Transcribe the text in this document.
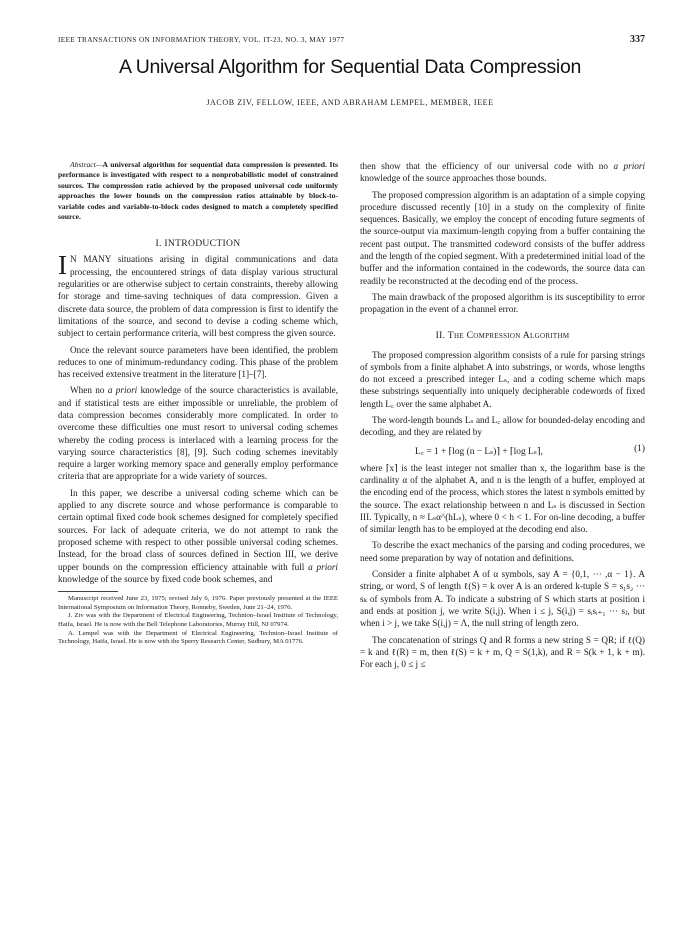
IEEE TRANSACTIONS ON INFORMATION THEORY, VOL. IT-23, NO. 3, MAY 1977	337
A Universal Algorithm for Sequential Data Compression
JACOB ZIV, FELLOW, IEEE, AND ABRAHAM LEMPEL, MEMBER, IEEE

Abstract—A universal algorithm for sequential data compression is presented. Its performance is investigated with respect to a nonprobabilistic model of constrained sources. The compression ratio achieved by the proposed universal code uniformly approaches the lower bounds on the compression ratios attainable by block-to-variable codes and variable-to-block codes designed to match a completely specified source.

I. INTRODUCTION

I N MANY situations arising in digital communications and data processing, the encountered strings of data display various structural regularities or are otherwise subject to certain constraints, thereby allowing for storage and time-saving techniques of data compression. Given a discrete data source, the problem of data compression is first to identify the limitations of the source, and second to devise a coding scheme which, subject to certain performance criteria, will best compress the given source.

Once the relevant source parameters have been identified, the problem reduces to one of minimum-redundancy coding. This phase of the problem has received extensive treatment in the literature [1]–[7].

When no a priori knowledge of the source characteristics is available, and if statistical tests are either impossible or unreliable, the problem of data compression becomes considerably more complicated. In order to overcome these difficulties one must resort to universal coding schemes whereby the coding process is interlaced with a learning process for the varying source characteristics [8], [9]. Such coding schemes inevitably require a larger working memory space and generally employ performance criteria that are appropriate for a wide variety of sources.

In this paper, we describe a universal coding scheme which can be applied to any discrete source and whose performance is comparable to certain optimal fixed code book schemes designed for completely specified sources. For lack of adequate criteria, we do not attempt to rank the proposed scheme with respect to other possible universal coding schemes. Instead, for the broad class of sources defined in Section III, we derive upper bounds on the compression efficiency attainable with full a priori knowledge of the source by fixed code book schemes, and

Manuscript received June 23, 1975; revised July 6, 1976. Paper previously presented at the IEEE International Symposium on Information Theory, Ronneby, Sweden, June 21–24, 1976.

J. Ziv was with the Department of Electrical Engineering, Technion–Israel Institute of Technology, Haifa, Israel. He is now with the Bell Telephone Laboratories, Murray Hill, NJ 07974.

A. Lempel was with the Department of Electrical Engineering, Technion–Israel Institute of Technology, Haifa, Israel. He is now with the Sperry Research Center, Sudbury, MA 01776.

then show that the efficiency of our universal code with no a priori knowledge of the source approaches those bounds.

The proposed compression algorithm is an adaptation of a simple copying procedure discussed recently [10] in a study on the complexity of finite sequences. Basically, we employ the concept of encoding future segments of the source-output via maximum-length copying from a buffer containing the recent past output. The transmitted codeword consists of the buffer address and the length of the copied segment. With a predetermined initial load of the buffer and the information contained in the codewords, the source data can readily be reconstructed at the decoding end of the process.

The main drawback of the proposed algorithm is its susceptibility to error propagation in the event of a channel error.

II. The Compression Algorithm

The proposed compression algorithm consists of a rule for parsing strings of symbols from a finite alphabet A into substrings, or words, whose lengths do not exceed a prescribed integer Lₛ, and a coding scheme which maps these substrings sequentially into uniquely decipherable codewords of fixed length L꜀ over the same alphabet A.

The word-length bounds Lₛ and L꜀ allow for bounded-delay encoding and decoding, and they are related by

L꜀ = 1 + ⌈log (n − Lₛ)⌉ + ⌈log Lₛ⌉,	(1)

where ⌈x⌉ is the least integer not smaller than x, the logarithm base is the cardinality α of the alphabet A, and n is the length of a buffer, employed at the encoding end of the process, which stores the latest n symbols emitted by the source. The exact relationship between n and Lₛ is discussed in Section III. Typically, n ≈ Lₛα^(hLₛ), where 0 < h < 1. For on-line decoding, a buffer of similar length has to be employed at the decoding end also.

To describe the exact mechanics of the parsing and coding procedures, we need some preparation by way of notation and definitions.

Consider a finite alphabet A of α symbols, say A = {0,1, ··· ,α − 1}. A string, or word, S of length ℓ(S) = k over A is an ordered k-tuple S = s₁s₂ ··· sₖ of symbols from A. To indicate a substring of S which starts at position i and ends at position j, we write S(i,j). When i ≤ j, S(i,j) = sᵢsᵢ₊₁ ··· sⱼ, but when i > j, we take S(i,j) = Λ, the null string of length zero.

The concatenation of strings Q and R forms a new string S = QR; if ℓ(Q) = k and ℓ(R) = m, then ℓ(S) = k + m, Q = S(1,k), and R = S(k + 1, k + m). For each j, 0 ≤ j ≤
